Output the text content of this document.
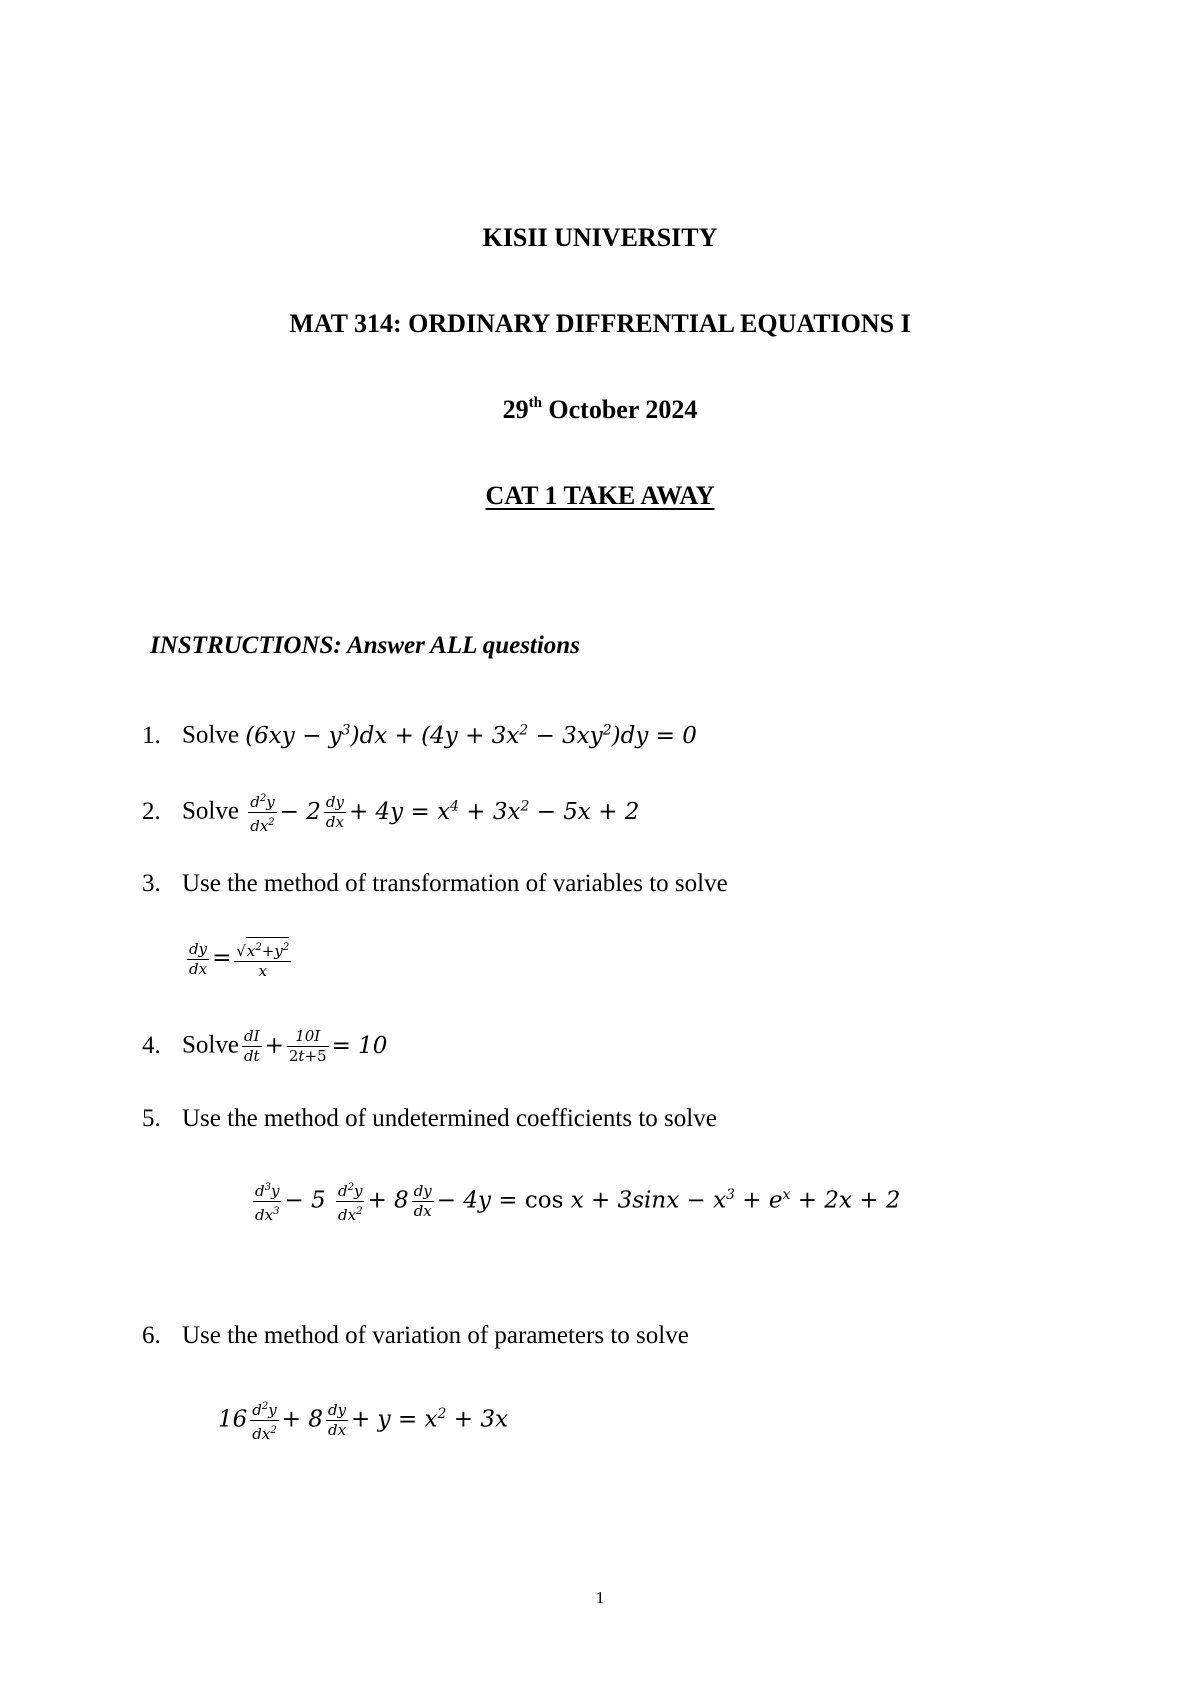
KISII UNIVERSITY
MAT 314: ORDINARY DIFFRENTIAL EQUATIONS I
29th October 2024
CAT 1 TAKE AWAY
INSTRUCTIONS: Answer ALL questions
1. Solve $(6xy - y^3)dx + (4y + 3x^2 - 3xy^2)dy = 0$
2. Solve $\frac{d^2y}{dx^2} - 2 \frac{dy}{dx} + 4y = x^4 + 3x^2 - 5x + 2$
3. Use the method of transformation of variables to solve
$\frac{dy}{dx} = \frac{√x^2+y^2}{x}$
4. Solve $\frac{dI}{dt} + \frac{10I}{2t+5} = 10$
5. Use the method of undetermined coefficients to solve
$\frac{d^3y}{dx^3} - 5 \frac{d^2y}{dx^2} + 8 \frac{dy}{dx} - 4y = \cos x + 3\sin x - x^3 + e^x + 2x + 2$
6. Use the method of variation of parameters to solve
$16 \frac{d^2y}{dx^2} + 8 \frac{dy}{dx} + y = x^2 + 3x$
1
